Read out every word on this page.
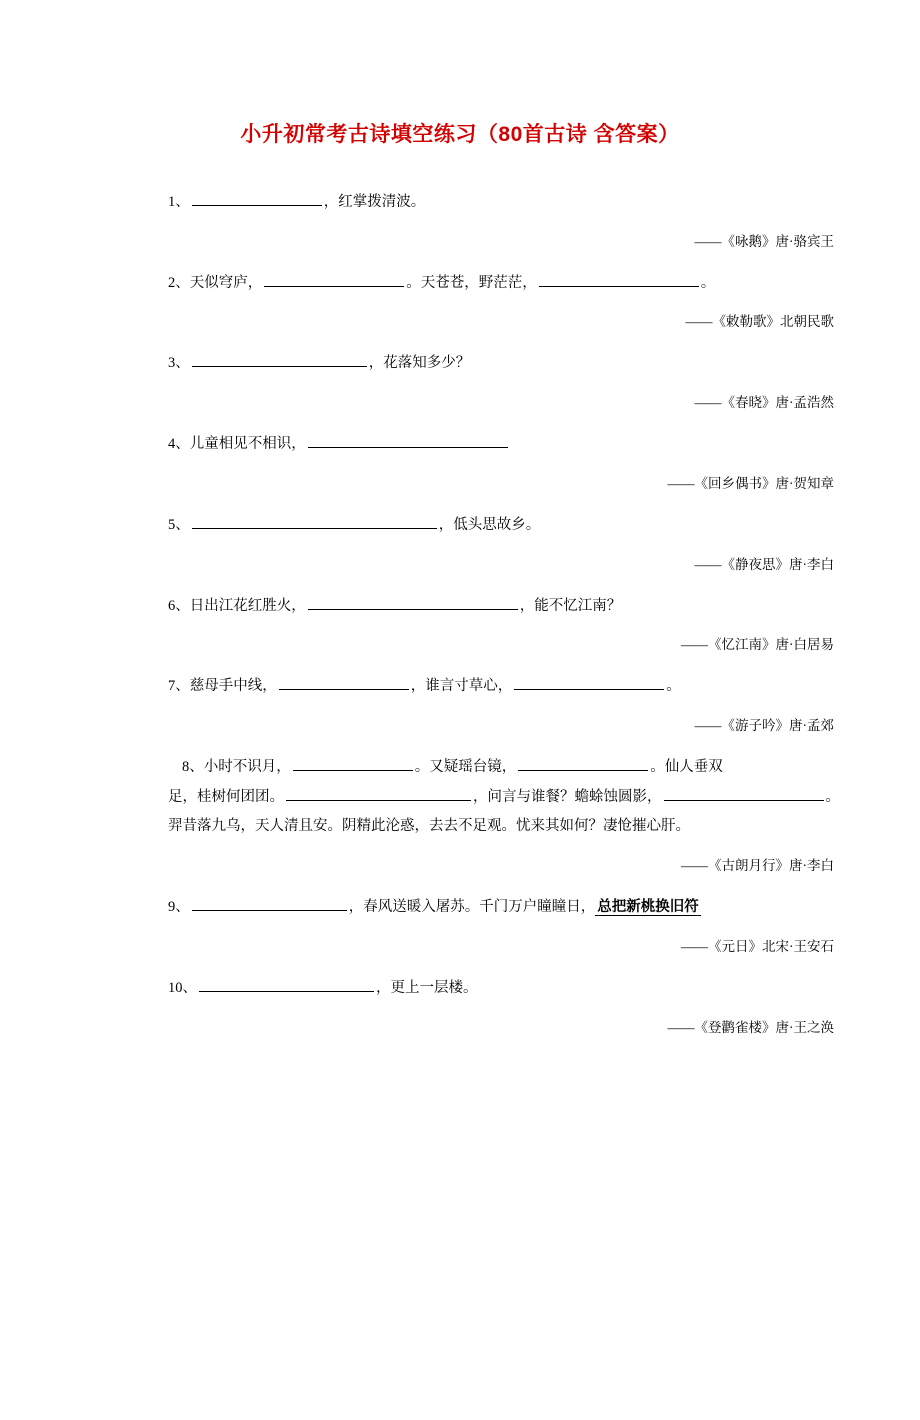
小升初常考古诗填空练习（80首古诗 含答案）
1、	，红掌拨清波。
——《咏鹅》唐·骆宾王
2、天似穹庐，	。天苍苍，野茫茫，	。
——《敕勒歌》北朝民歌
3、	，花落知多少？
——《春晓》唐·孟浩然
4、儿童相见不相识，
——《回乡偶书》唐·贺知章
5、	，低头思故乡。
——《静夜思》唐·李白
6、日出江花红胜火，	，能不忆江南？
——《忆江南》唐·白居易
7、慈母手中线，	，谁言寸草心，	。
——《游子吟》唐·孟郊
8、小时不识月，	。又疑瑶台镜，	。仙人垂双
足，桂树何团团。	，问言与谁餐？蟾蜍蚀圆影，	。
羿昔落九乌，天人清且安。阴精此沦惑，去去不足观。忧来其如何？凄怆摧心肝。
——《古朗月行》唐·李白
9、	，春风送暖入屠苏。千门万户瞳瞳日， 总把新桃换旧符
——《元日》北宋·王安石
10、	，更上一层楼。
——《登鹳雀楼》唐·王之涣
